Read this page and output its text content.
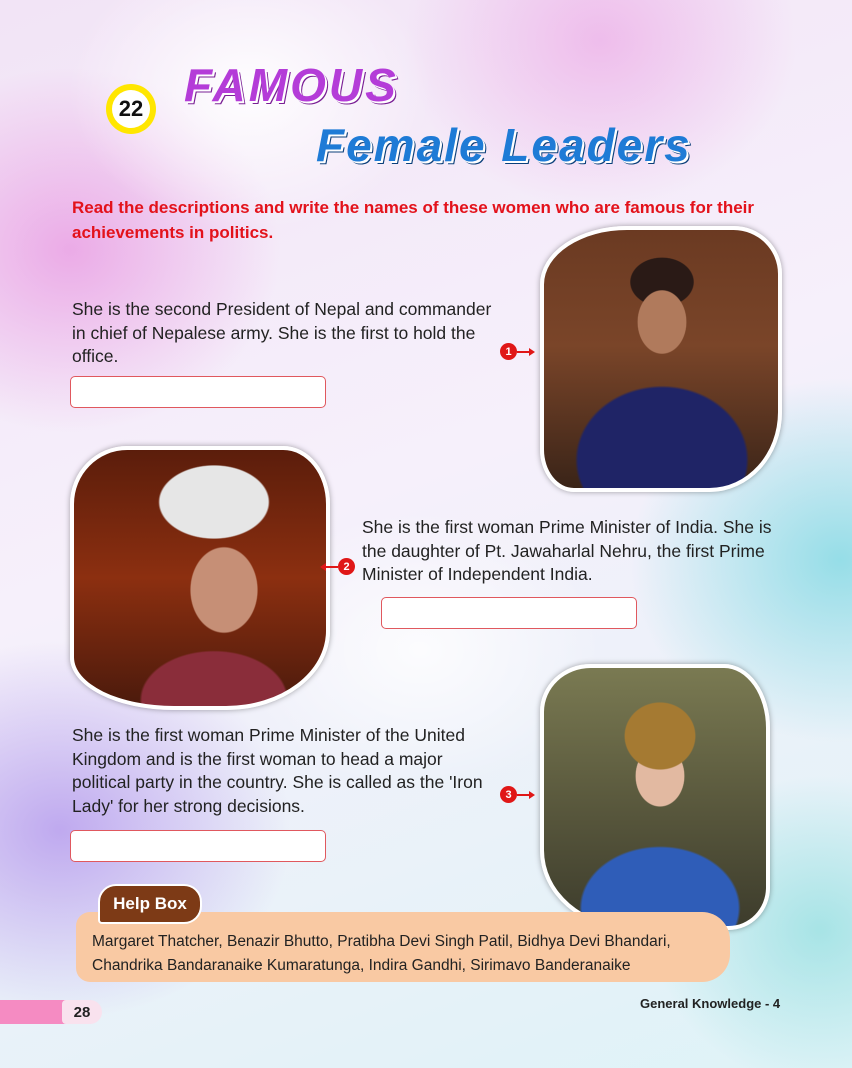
22 FAMOUS
Female Leaders
Read the descriptions and write the names of these women who are famous for their achievements in politics.
She is the second President of Nepal and commander in chief of Nepalese army. She is the first to hold the office.	1
2
She is the first woman Prime Minister of India. She is the daughter of Pt. Jawaharlal Nehru, the first Prime Minister of Independent India.
She is the first woman Prime Minister of the United Kingdom and is the first woman to head a major political party in the country. She is called as the 'Iron Lady' for her strong decisions.
3
Margaret Thatcher, Benazir Bhutto, Pratibha Devi Singh Patil, Bidhya Devi Bhandari, Chandrika Bandaranaike Kumaratunga, Indira Gandhi, Sirimavo Banderanaike
Help Box
28	General Knowledge - 4
